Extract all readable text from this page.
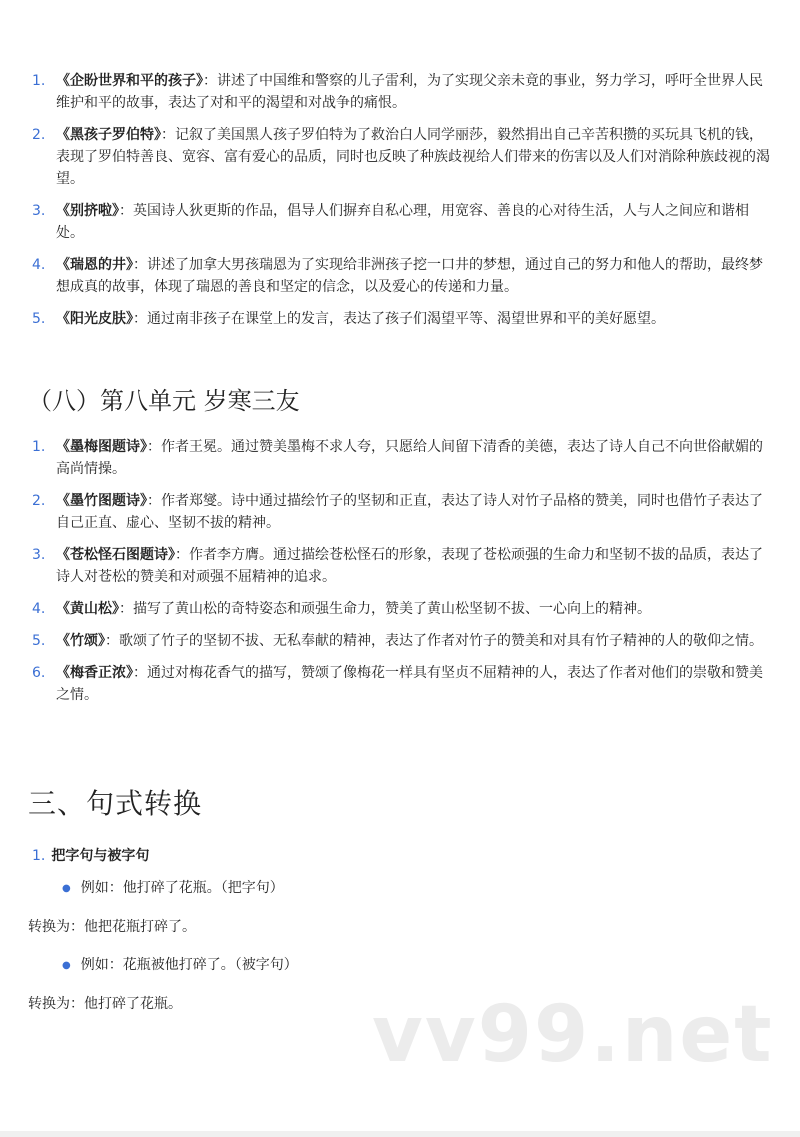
1. 《企盼世界和平的孩子》：讲述了中国维和警察的儿子雷利，为了实现父亲未竟的事业，努力学习，呼吁全世界人民维护和平的故事，表达了对和平的渴望和对战争的痛恨。
2. 《黑孩子罗伯特》：记叙了美国黑人孩子罗伯特为了救治白人同学丽莎，毅然捐出自己辛苦积攒的买玩具飞机的钱，表现了罗伯特善良、宽容、富有爱心的品质，同时也反映了种族歧视给人们带来的伤害以及人们对消除种族歧视的渴望。
3. 《别挤啦》：英国诗人狄更斯的作品，倡导人们摒弃自私心理，用宽容、善良的心对待生活，人与人之间应和谐相处。
4. 《瑞恩的井》：讲述了加拿大男孩瑞恩为了实现给非洲孩子挖一口井的梦想，通过自己的努力和他人的帮助，最终梦想成真的故事，体现了瑞恩的善良和坚定的信念，以及爱心的传递和力量。
5. 《阳光皮肤》：通过南非孩子在课堂上的发言，表达了孩子们渴望平等、渴望世界和平的美好愿望。
（八）第八单元 岁寒三友
1. 《墨梅图题诗》：作者王冕。通过赞美墨梅不求人夸，只愿给人间留下清香的美德，表达了诗人自己不向世俗献媚的高尚情操。
2. 《墨竹图题诗》：作者郑燮。诗中通过描绘竹子的坚韧和正直，表达了诗人对竹子品格的赞美，同时也借竹子表达了自己正直、虚心、坚韧不拔的精神。
3. 《苍松怪石图题诗》：作者李方膺。通过描绘苍松怪石的形象，表现了苍松顽强的生命力和坚韧不拔的品质，表达了诗人对苍松的赞美和对顽强不屈精神的追求。
4. 《黄山松》：描写了黄山松的奇特姿态和顽强生命力，赞美了黄山松坚韧不拔、一心向上的精神。
5. 《竹颂》：歌颂了竹子的坚韧不拔、无私奉献的精神，表达了作者对竹子的赞美和对具有竹子精神的人的敬仰之情。
6. 《梅香正浓》：通过对梅花香气的描写，赞颂了像梅花一样具有坚贞不屈精神的人，表达了作者对他们的崇敬和赞美之情。
三、句式转换
1. 把字句与被字句
● 例如：他打碎了花瓶。（把字句）
转换为：他把花瓶打碎了。
● 例如：花瓶被他打碎了。（被字句）
转换为：他打碎了花瓶。 vv99.net
